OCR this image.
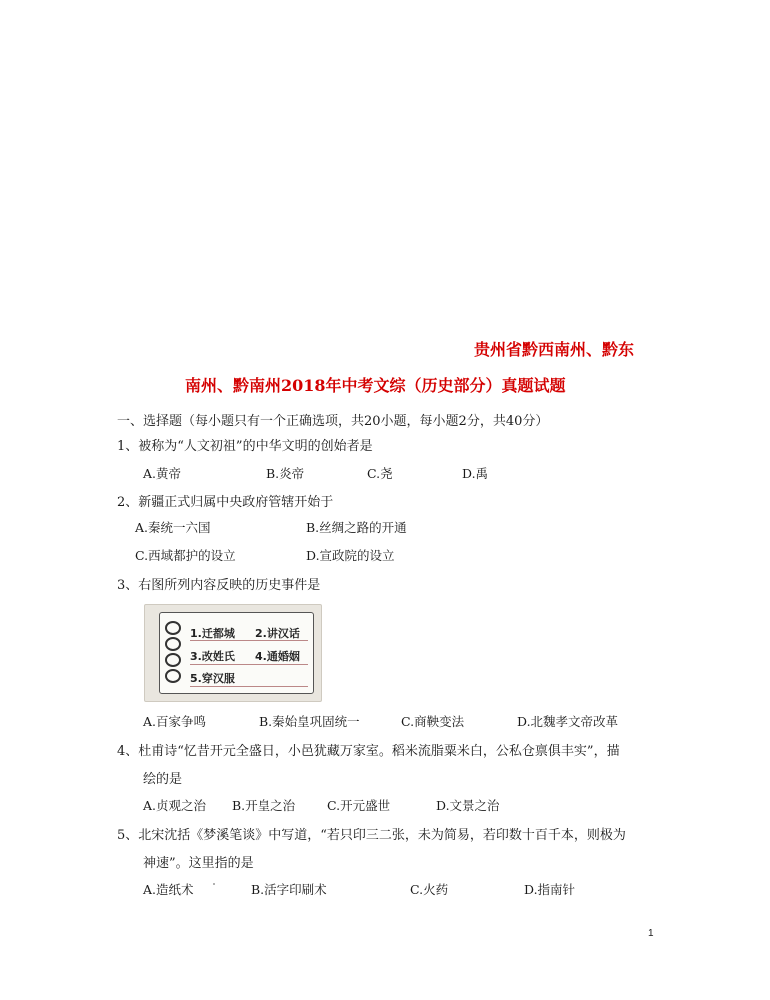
贵州省黔西南州、黔东
南州、黔南州2018年中考文综（历史部分）真题试题
一、选择题（每小题只有一个正确选项，共20小题，每小题2分，共40分）
1、被称为“人文初祖”的中华文明的创始者是
A.黄帝	B.炎帝	C.尧	D.禹
2、新疆正式归属中央政府管辖开始于
A.秦统一六国	B.丝绸之路的开通
C.西域都护的设立	D.宣政院的设立
3、右图所列内容反映的历史事件是
1.迁都城 2.讲汉话
3.改姓氏 4.通婚姻
5.穿汉服
A.百家争鸣	B.秦始皇巩固统一	C.商鞅变法	D.北魏孝文帝改革
4、杜甫诗“忆昔开元全盛日，小邑犹藏万家室。稻米流脂粟米白，公私仓禀俱丰实”，描
绘的是
A.贞观之治 B.开皇之治	C.开元盛世	D.文景之治
5、北宋沈括《梦溪笔谈》中写道，“若只印三二张，未为简易，若印数十百千本，则极为
神速”。这里指的是
A.造纸术	B.活字印刷术	C.火药	D.指南针
1
